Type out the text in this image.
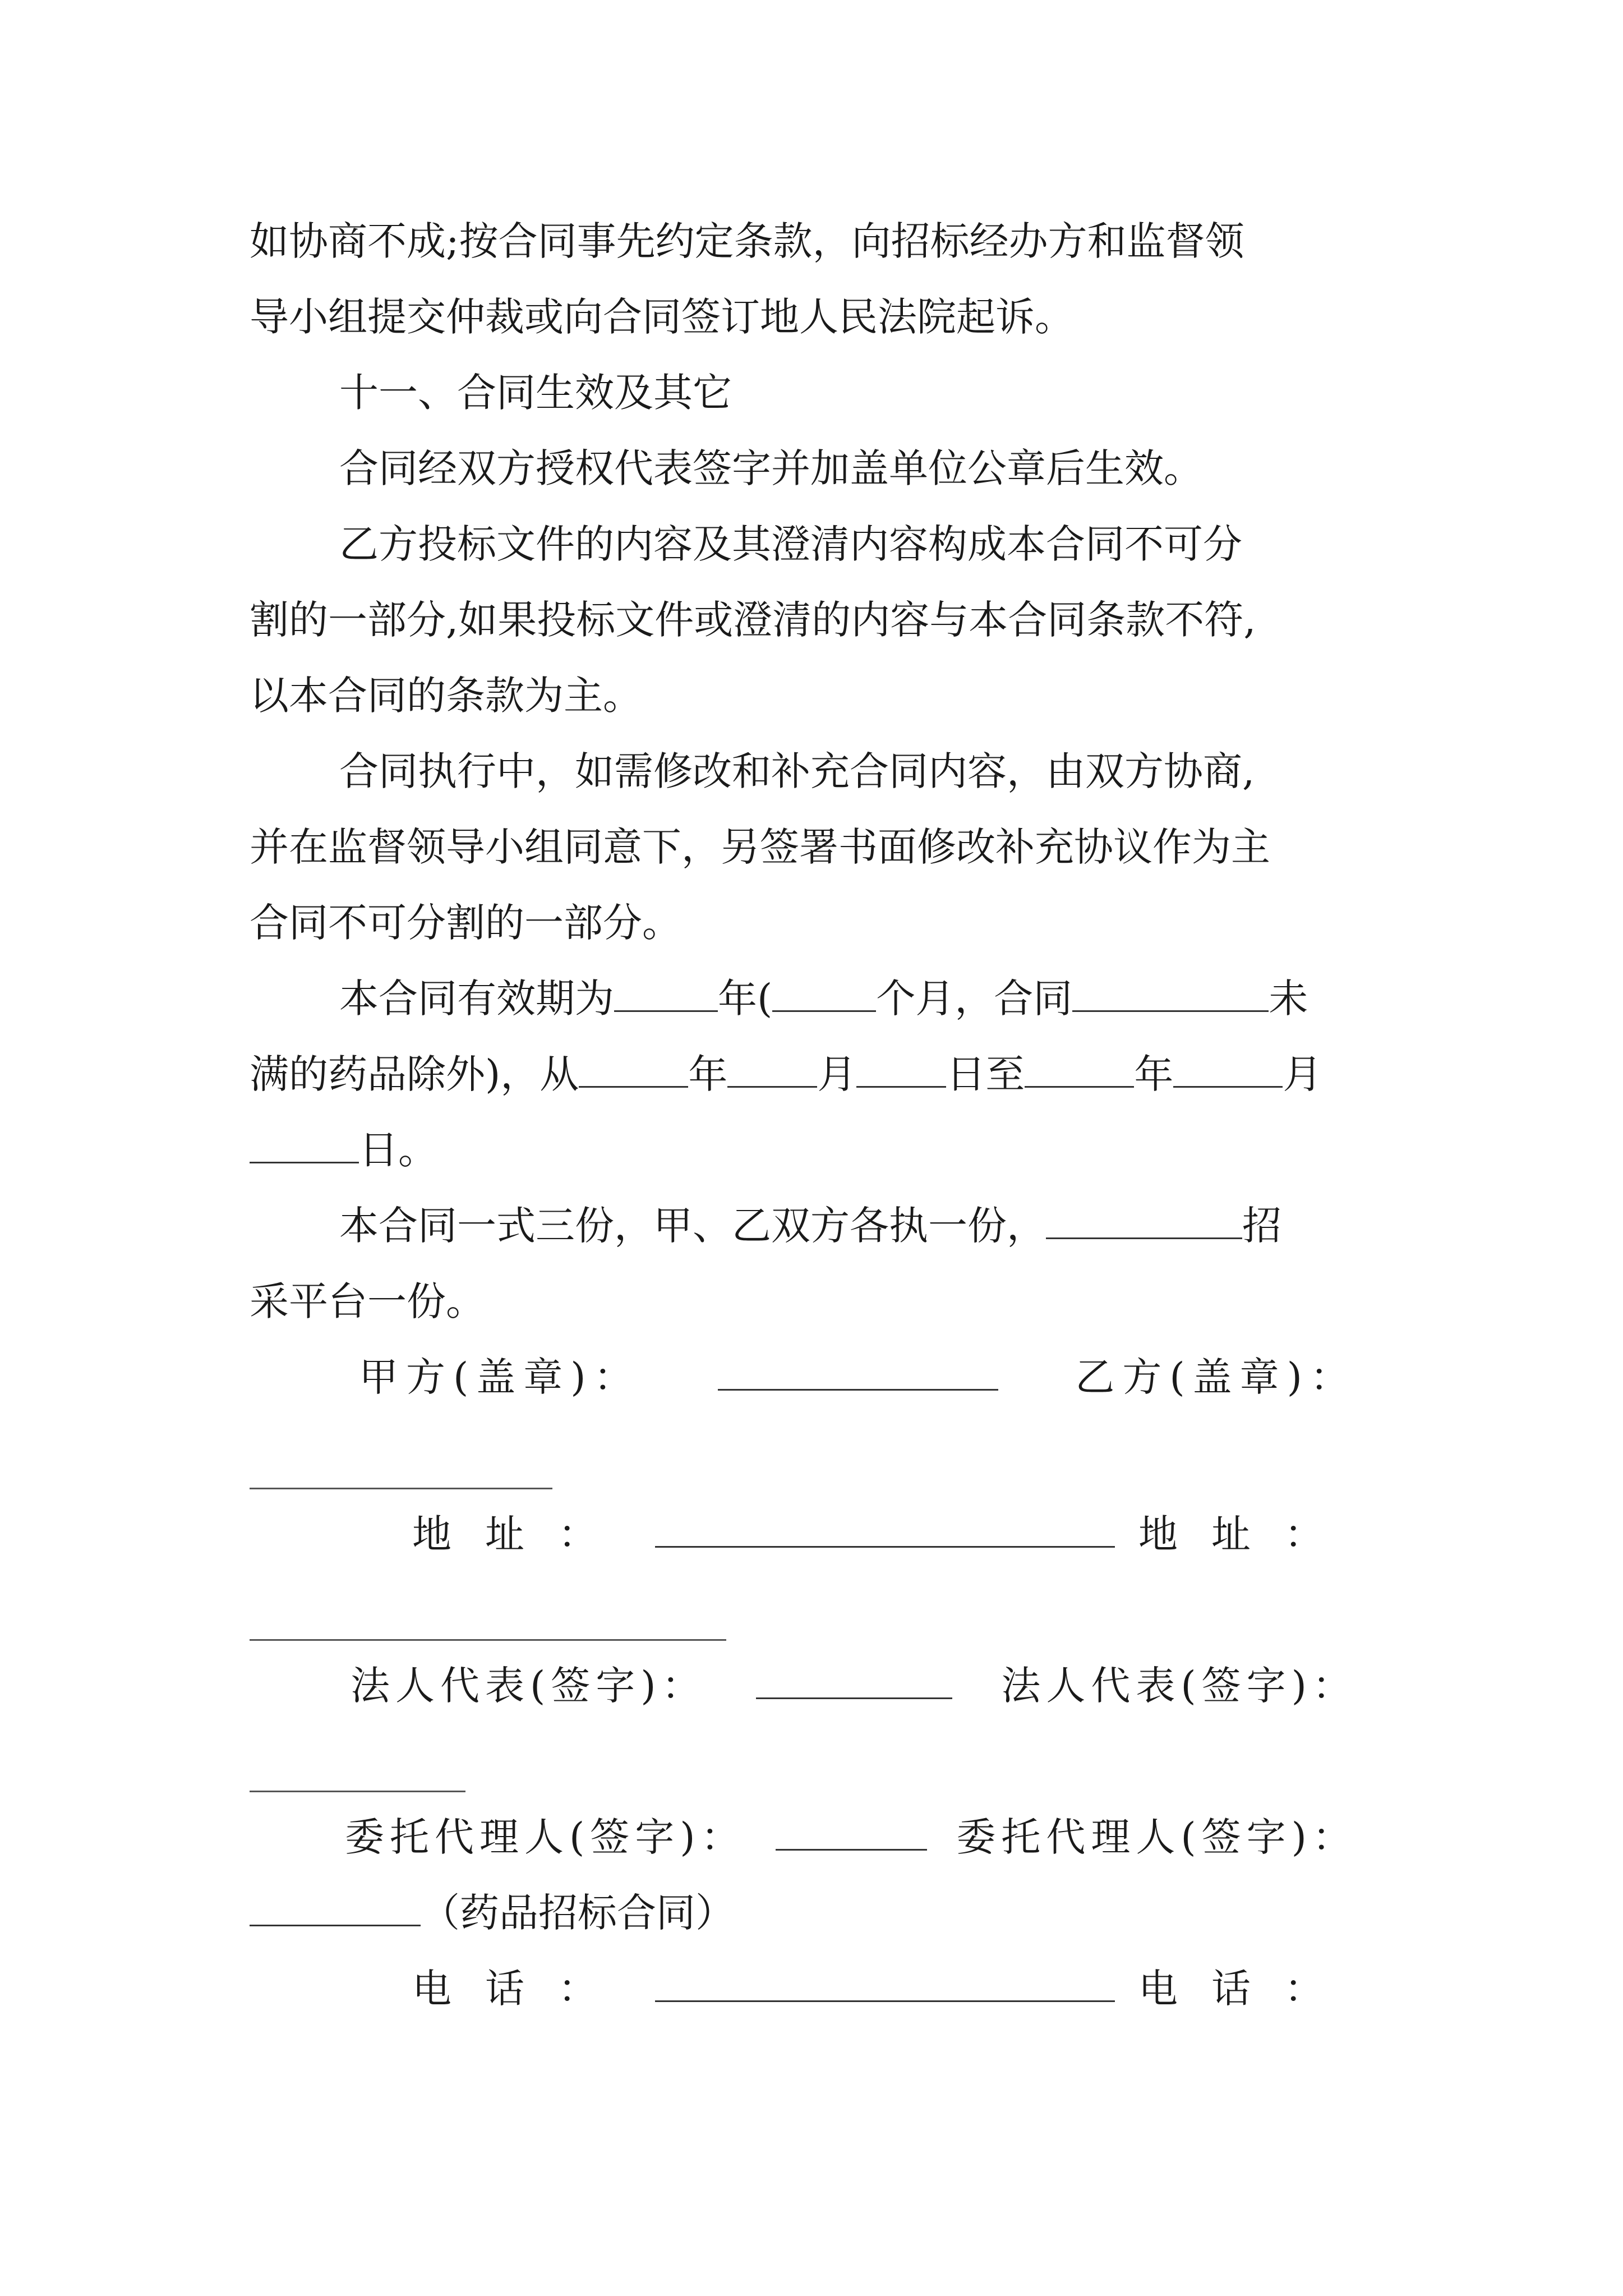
如协商不成;按合同事先约定条款，向招标经办方和监督领
导小组提交仲裁或向合同签订地人民法院起诉。
十一、合同生效及其它
合同经双方授权代表签字并加盖单位公章后生效。
乙方投标文件的内容及其澄清内容构成本合同不可分
割的一部分,如果投标文件或澄清的内容与本合同条款不符,
以本合同的条款为主。
合同执行中，如需修改和补充合同内容，由双方协商,
并在监督领导小组同意下，另签署书面修改补充协议作为主
合同不可分割的一部分。
本合同有效期为	年(	个月，合同	未
满的药品除外)，从	年 月 日至	年	月
日。
本合同一式三份，甲、乙双方各执一份，	招
采平台一份。
甲方(盖章)：	乙方(盖章)：
地址：	地址：
法人代表(签字)：	法人代表(签字)：
委托代理人(签字)：	委托代理人(签字)：
（药品招标合同）
电话：	电话：
